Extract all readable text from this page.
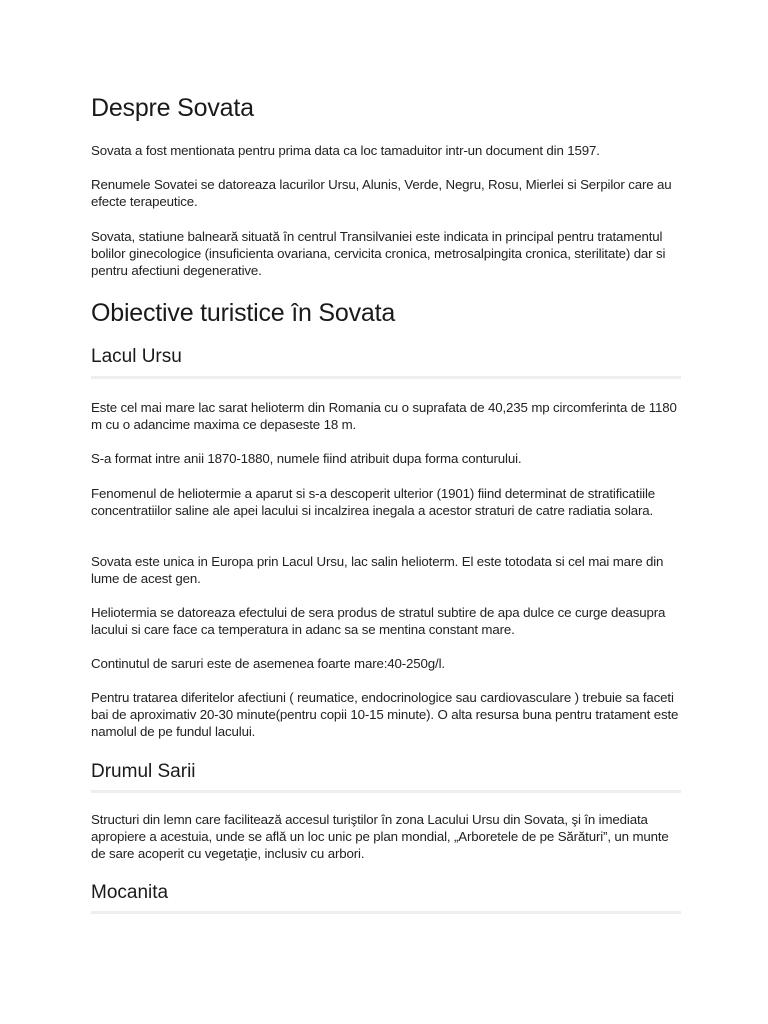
Despre Sovata

Sovata a fost mentionata pentru prima data ca loc tamaduitor intr-un document din 1597.

Renumele Sovatei se datoreaza lacurilor Ursu, Alunis, Verde, Negru, Rosu, Mierlei si Serpilor care au efecte terapeutice.

Sovata, statiune balneară situată în centrul Transilvaniei este indicata in principal pentru tratamentul bolilor ginecologice (insuficienta ovariana, cervicita cronica, metrosalpingita cronica, sterilitate) dar si pentru afectiuni degenerative.

Obiective turistice în Sovata
Lacul Ursu

Este cel mai mare lac sarat helioterm din Romania cu o suprafata de 40,235 mp circomferinta de 1180 m cu o adancime maxima ce depaseste 18 m.

S-a format intre anii 1870-1880, numele fiind atribuit dupa forma conturului.

Fenomenul de heliotermie a aparut si s-a descoperit ulterior (1901) fiind determinat de stratificatiile concentratiilor saline ale apei lacului si incalzirea inegala a acestor straturi de catre radiatia solara.

Sovata este unica in Europa prin Lacul Ursu, lac salin helioterm. El este totodata si cel mai mare din lume de acest gen.

Heliotermia se datoreaza efectului de sera produs de stratul subtire de apa dulce ce curge deasupra lacului si care face ca temperatura in adanc sa se mentina constant mare.

Continutul de saruri este de asemenea foarte mare:40-250g/l.

Pentru tratarea diferitelor afectiuni ( reumatice, endocrinologice sau cardiovasculare ) trebuie sa faceti bai de aproximativ 20-30 minute(pentru copii 10-15 minute). O alta resursa buna pentru tratament este namolul de pe fundul lacului.

Drumul Sarii

Structuri din lemn care facilitează accesul turiştilor în zona Lacului Ursu din Sovata, şi în imediata apropiere a acestuia, unde se află un loc unic pe plan mondial, „Arboretele de pe Sărături”, un munte de sare acoperit cu vegetaţie, inclusiv cu arbori.

Mocanita
